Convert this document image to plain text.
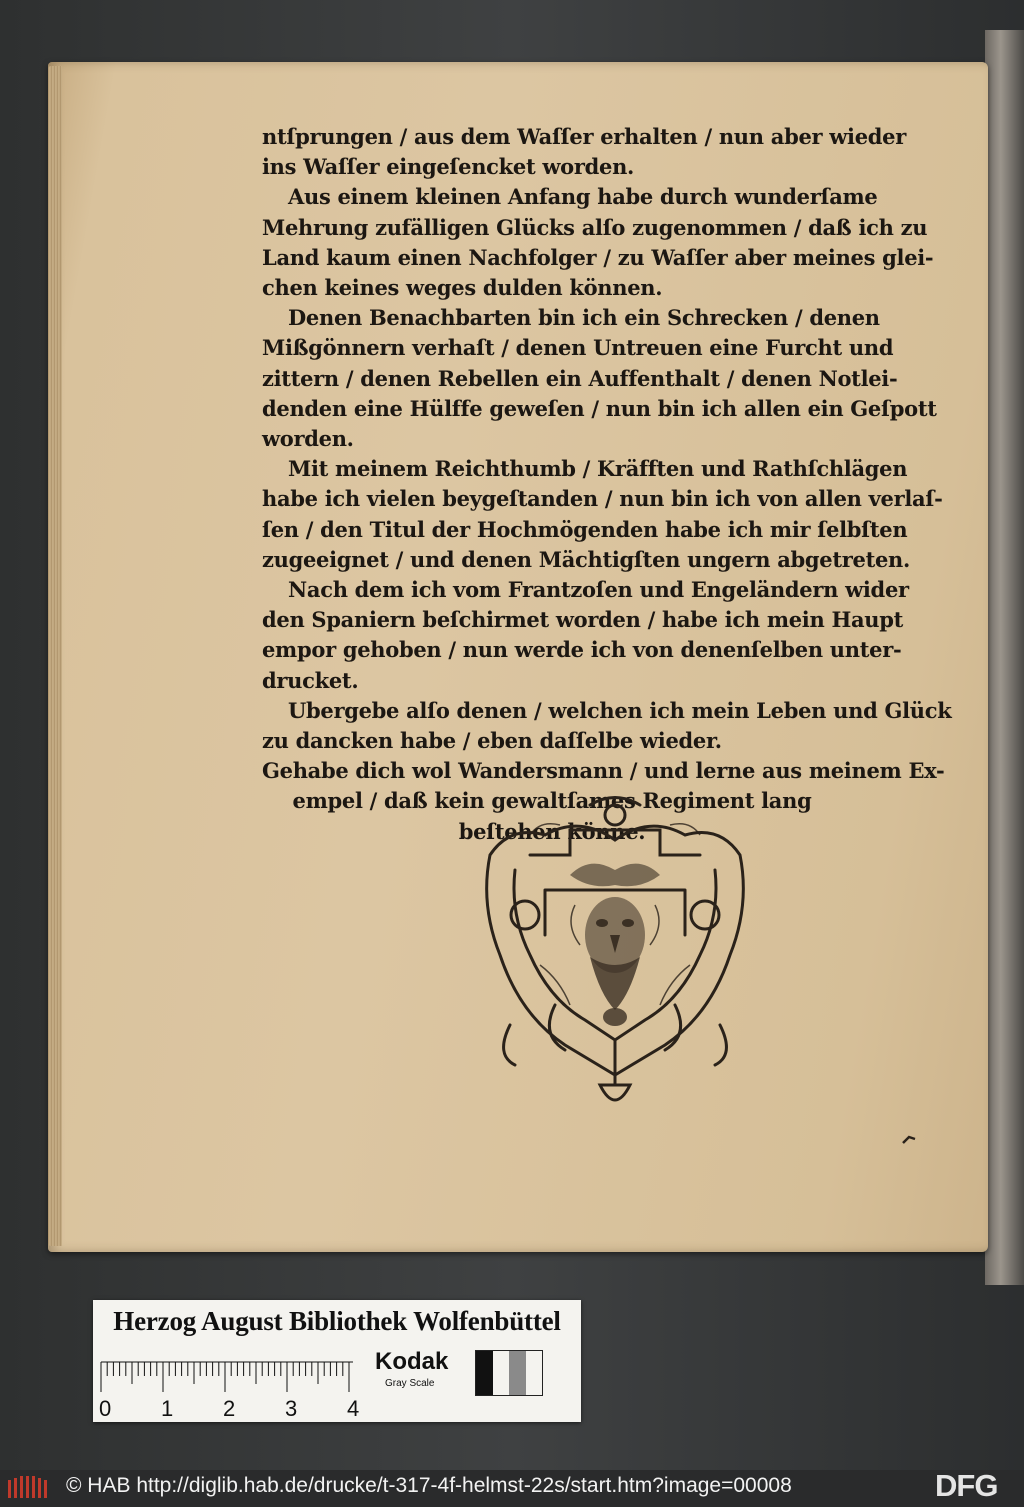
ntſprungen / aus dem Waſſer erhalten / nun aber wieder
ins Waſſer eingeſencket worden.
Aus einem kleinen Anfang habe durch wunderſame
Mehrung zufälligen Glücks alſo zugenommen / daß ich zu
Land kaum einen Nachfolger / zu Waſſer aber meines glei-
chen keines weges dulden können.
Denen Benachbarten bin ich ein Schrecken / denen
Mißgönnern verhaſt / denen Untreuen eine Furcht und
zittern / denen Rebellen ein Auffenthalt / denen Notlei-
denden eine Hülffe geweſen / nun bin ich allen ein Geſpott
worden.
Mit meinem Reichthumb / Kräfften und Rathſchlägen
habe ich vielen beygeſtanden / nun bin ich von allen verlaſ-
ſen / den Titul der Hochmögenden habe ich mir ſelbſten
zugeeignet / und denen Mächtigſten ungern abgetreten.
Nach dem ich vom Frantzoſen und Engeländern wider
den Spaniern beſchirmet worden / habe ich mein Haupt
empor gehoben / nun werde ich von denenſelben unter-
drucket.
Ubergebe alſo denen / welchen ich mein Leben und Glück
zu dancken habe / eben daſſelbe wieder.
Gehabe dich wol Wandersmann / und lerne aus meinem Ex-
empel / daß kein gewaltſames Regiment lang
beſtehen könne.
Herzog August Bibliothek Wolfenbüttel
0 1 2 3 4
Kodak
Gray Scale
© HAB http://diglib.hab.de/drucke/t-317-4f-helmst-22s/start.htm?image=00008	DFG
